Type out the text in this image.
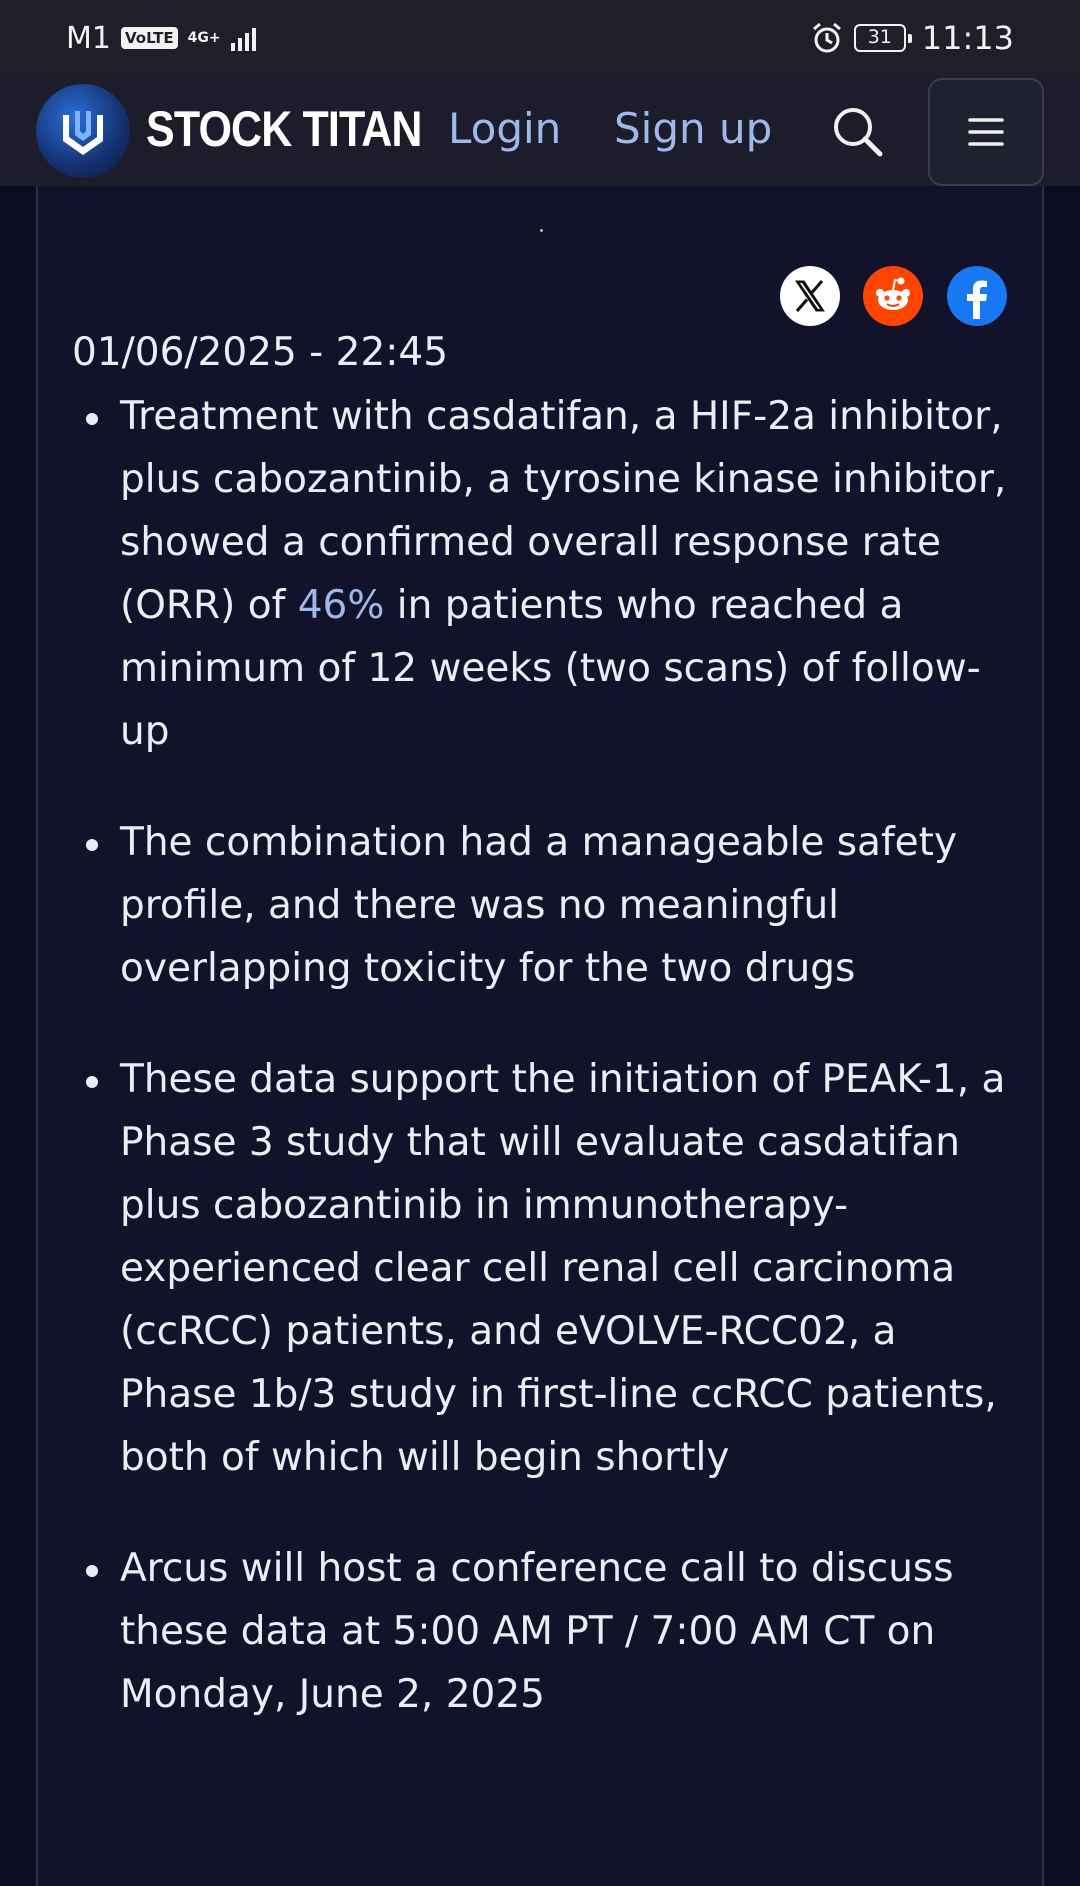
M1 VoLTE 4G+	31 11:13
STOCK TITAN Login Sign up
01/06/2025 - 22:45
Treatment with casdatifan, a HIF-2a inhibitor, plus cabozantinib, a tyrosine kinase inhibitor, showed a confirmed overall response rate (ORR) of 46% in patients who reached a minimum of 12 weeks (two scans) of follow-up
The combination had a manageable safety profile, and there was no meaningful overlapping toxicity for the two drugs
These data support the initiation of PEAK-1, a Phase 3 study that will evaluate casdatifan plus cabozantinib in immunotherapy-experienced clear cell renal cell carcinoma (ccRCC) patients, and eVOLVE-RCC02, a Phase 1b/3 study in first-line ccRCC patients, both of which will begin shortly
Arcus will host a conference call to discuss these data at 5:00 AM PT / 7:00 AM CT on Monday, June 2, 2025
